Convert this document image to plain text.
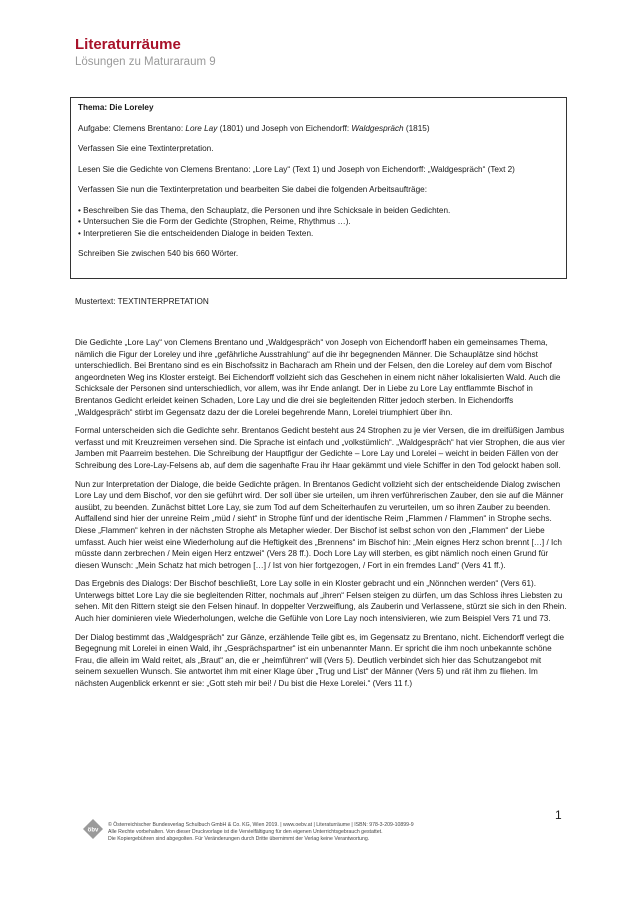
Literaturräume
Lösungen zu Maturaraum 9

Thema: Die Loreley

Aufgabe: Clemens Brentano: Lore Lay (1801) und Joseph von Eichendorff: Waldgespräch (1815)

Verfassen Sie eine Textinterpretation.

Lesen Sie die Gedichte von Clemens Brentano: „Lore Lay“ (Text 1) und Joseph von Eichendorff: „Waldgespräch“ (Text 2)

Verfassen Sie nun die Textinterpretation und bearbeiten Sie dabei die folgenden Arbeitsaufträge:

• Beschreiben Sie das Thema, den Schauplatz, die Personen und ihre Schicksale in beiden Gedichten.
• Untersuchen Sie die Form der Gedichte (Strophen, Reime, Rhythmus …).
• Interpretieren Sie die entscheidenden Dialoge in beiden Texten.

Schreiben Sie zwischen 540 bis 660 Wörter.

Mustertext: TEXTINTERPRETATION

Die Gedichte „Lore Lay“ von Clemens Brentano und „Waldgespräch“ von Joseph von Eichendorff haben ein gemeinsames Thema, nämlich die Figur der Loreley und ihre „gefährliche Ausstrahlung“ auf die ihr begegnenden Männer. Die Schauplätze sind höchst unterschiedlich. Bei Brentano sind es ein Bischofssitz in Bacharach am Rhein und der Felsen, den die Loreley auf dem vom Bischof angeordneten Weg ins Kloster ersteigt. Bei Eichendorff vollzieht sich das Geschehen in einem nicht näher lokalisierten Wald. Auch die Schicksale der Personen sind unterschiedlich, vor allem, was ihr Ende anlangt. Der in Liebe zu Lore Lay entflammte Bischof in Brentanos Gedicht erleidet keinen Schaden, Lore Lay und die drei sie begleitenden Ritter jedoch sterben. In Eichendorffs „Waldgespräch“ stirbt im Gegensatz dazu der die Lorelei begehrende Mann, Lorelei triumphiert über ihn.

Formal unterscheiden sich die Gedichte sehr. Brentanos Gedicht besteht aus 24 Strophen zu je vier Versen, die im dreifüßigen Jambus verfasst und mit Kreuzreimen versehen sind. Die Sprache ist einfach und „volkstümlich“. „Waldgespräch“ hat vier Strophen, die aus vier Jamben mit Paarreim bestehen. Die Schreibung der Hauptfigur der Gedichte – Lore Lay und Lorelei – weicht in beiden Fällen von der Schreibung des Lore-Lay-Felsens ab, auf dem die sagenhafte Frau ihr Haar gekämmt und viele Schiffer in den Tod gelockt haben soll.

Nun zur Interpretation der Dialoge, die beide Gedichte prägen. In Brentanos Gedicht vollzieht sich der entscheidende Dialog zwischen Lore Lay und dem Bischof, vor den sie geführt wird. Der soll über sie urteilen, um ihren verführerischen Zauber, den sie auf die Männer ausübt, zu beenden. Zunächst bittet Lore Lay, sie zum Tod auf dem Scheiterhaufen zu verurteilen, um so ihren Zauber zu beenden. Auffallend sind hier der unreine Reim „müd / sieht“ in Strophe fünf und der identische Reim „Flammen / Flammen“ in Strophe sechs. Diese „Flammen“ kehren in der nächsten Strophe als Metapher wieder. Der Bischof ist selbst schon von den „Flammen“ der Liebe umfasst. Auch hier weist eine Wiederholung auf die Heftigkeit des „Brennens“ im Bischof hin: „Mein eignes Herz schon brennt […] / Ich müsste dann zerbrechen / Mein eigen Herz entzwei“ (Vers 28 ff.). Doch Lore Lay will sterben, es gibt nämlich noch einen Grund für diesen Wunsch: „Mein Schatz hat mich betrogen […] / Ist von hier fortgezogen, / Fort in ein fremdes Land“ (Vers 41 ff.).

Das Ergebnis des Dialogs: Der Bischof beschließt, Lore Lay solle in ein Kloster gebracht und ein „Nönnchen werden“ (Vers 61). Unterwegs bittet Lore Lay die sie begleitenden Ritter, nochmals auf „ihren“ Felsen steigen zu dürfen, um das Schloss ihres Liebsten zu sehen. Mit den Rittern steigt sie den Felsen hinauf. In doppelter Verzweiflung, als Zauberin und Verlassene, stürzt sie sich in den Rhein. Auch hier dominieren viele Wiederholungen, welche die Gefühle von Lore Lay noch intensivieren, wie zum Beispiel Vers 71 und 73.

Der Dialog bestimmt das „Waldgespräch“ zur Gänze, erzählende Teile gibt es, im Gegensatz zu Brentano, nicht. Eichendorff verlegt die Begegnung mit Lorelei in einen Wald, ihr „Gesprächspartner“ ist ein unbenannter Mann. Er spricht die ihm noch unbekannte schöne Frau, die allein im Wald reitet, als „Braut“ an, die er „heimführen“ will (Vers 5). Deutlich verbindet sich hier das Schutzangebot mit seinem sexuellen Wunsch. Sie antwortet ihm mit einer Klage über „Trug und List“ der Männer (Vers 5) und rät ihm zu fliehen. Im nächsten Augenblick erkennt er sie: „Gott steh mir bei! / Du bist die Hexe Lorelei.“ (Vers 11 f.)

1
öbv
© Österreichischer Bundesverlag Schulbuch GmbH & Co. KG, Wien 2019. | www.oebv.at | Literaturräume | ISBN: 978-3-209-10899-9
Alle Rechte vorbehalten. Von dieser Druckvorlage ist die Vervielfältigung für den eigenen Unterrichtsgebrauch gestattet.
Die Kopiergebühren sind abgegolten. Für Veränderungen durch Dritte übernimmt der Verlag keine Verantwortung.
